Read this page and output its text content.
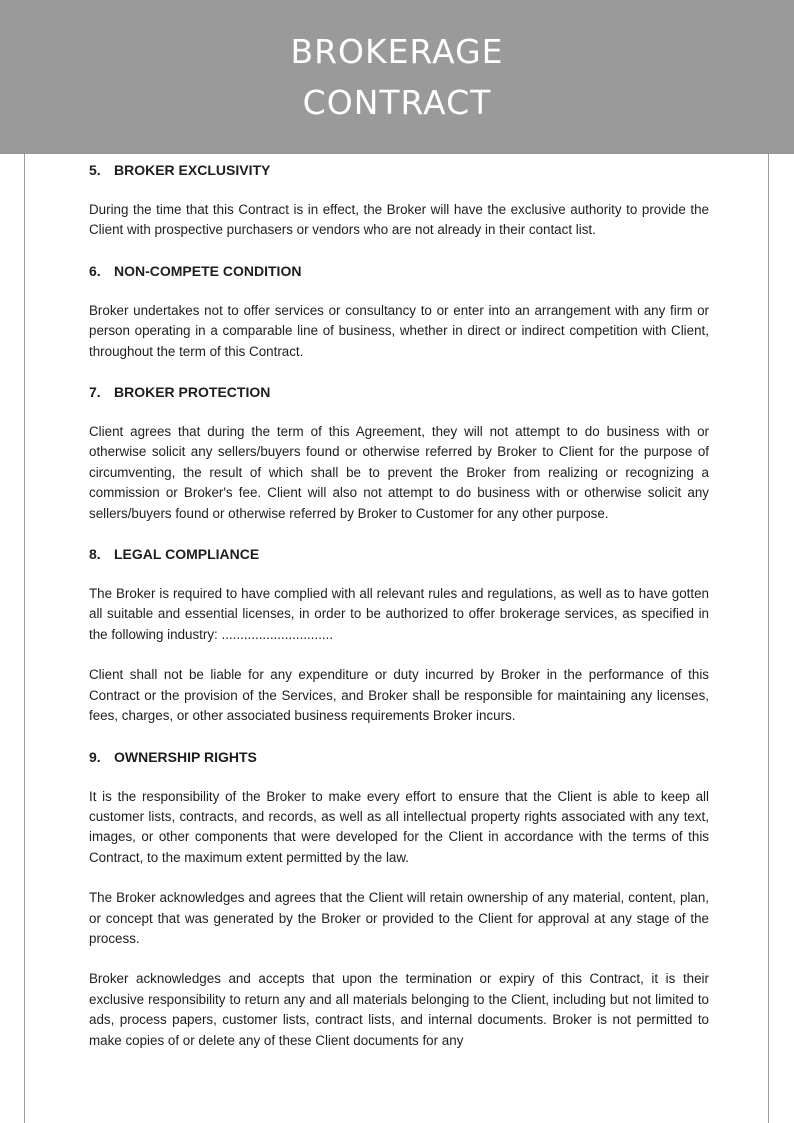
BROKERAGE
CONTRACT
5. BROKER EXCLUSIVITY

During the time that this Contract is in effect, the Broker will have the exclusive authority to provide the Client with prospective purchasers or vendors who are not already in their contact list.

6. NON-COMPETE CONDITION

Broker undertakes not to offer services or consultancy to or enter into an arrangement with any firm or person operating in a comparable line of business, whether in direct or indirect competition with Client, throughout the term of this Contract.

7. BROKER PROTECTION

Client agrees that during the term of this Agreement, they will not attempt to do business with or otherwise solicit any sellers/buyers found or otherwise referred by Broker to Client for the purpose of circumventing, the result of which shall be to prevent the Broker from realizing or recognizing a commission or Broker's fee. Client will also not attempt to do business with or otherwise solicit any sellers/buyers found or otherwise referred by Broker to Customer for any other purpose.

8. LEGAL COMPLIANCE

The Broker is required to have complied with all relevant rules and regulations, as well as to have gotten all suitable and essential licenses, in order to be authorized to offer brokerage services, as specified in the following industry: ..............................

Client shall not be liable for any expenditure or duty incurred by Broker in the performance of this Contract or the provision of the Services, and Broker shall be responsible for maintaining any licenses, fees, charges, or other associated business requirements Broker incurs.

9. OWNERSHIP RIGHTS

It is the responsibility of the Broker to make every effort to ensure that the Client is able to keep all customer lists, contracts, and records, as well as all intellectual property rights associated with any text, images, or other components that were developed for the Client in accordance with the terms of this Contract, to the maximum extent permitted by the law.

The Broker acknowledges and agrees that the Client will retain ownership of any material, content, plan, or concept that was generated by the Broker or provided to the Client for approval at any stage of the process.

Broker acknowledges and accepts that upon the termination or expiry of this Contract, it is their exclusive responsibility to return any and all materials belonging to the Client, including but not limited to ads, process papers, customer lists, contract lists, and internal documents. Broker is not permitted to make copies of or delete any of these Client documents for any
